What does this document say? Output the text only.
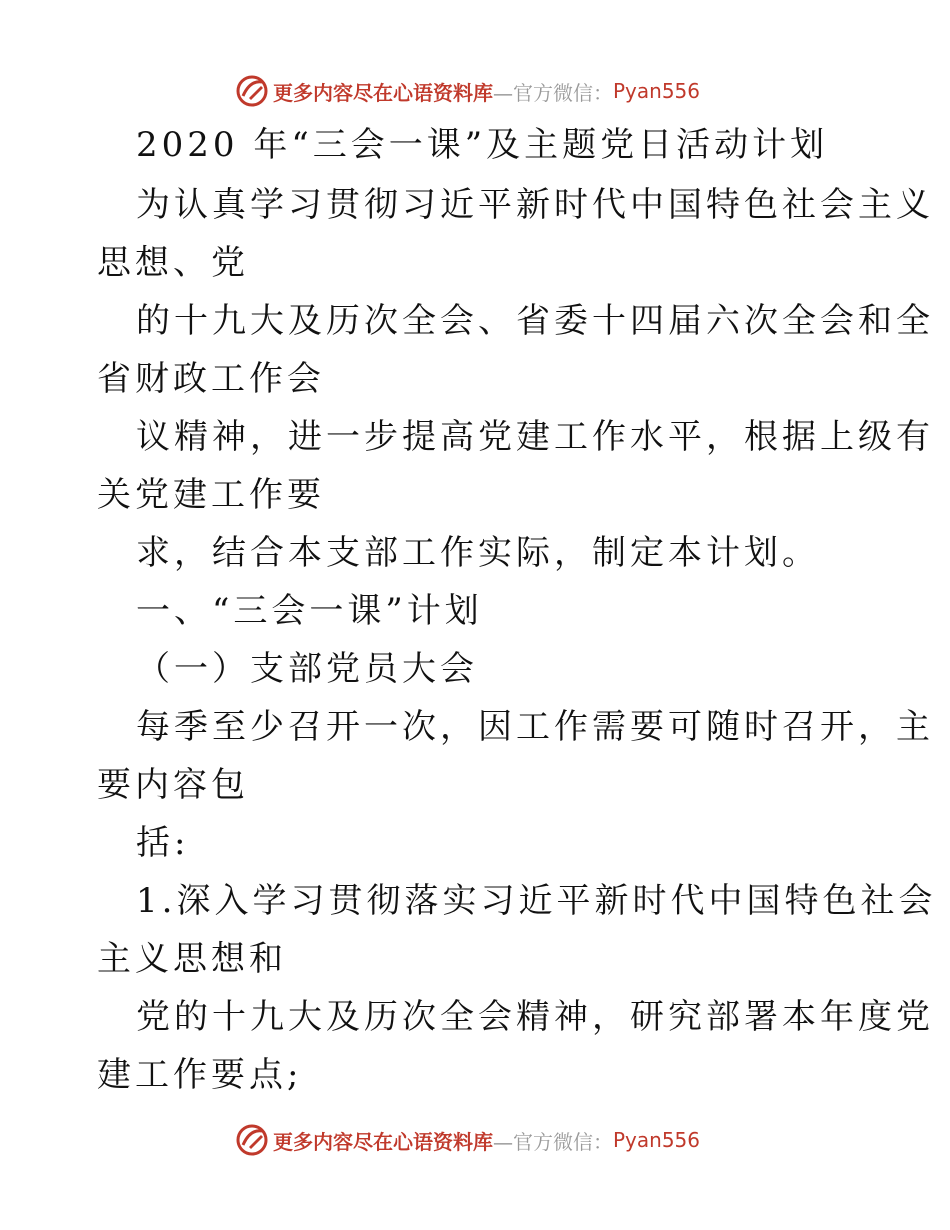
更多内容尽在心语资料库—官方微信： Pyan556
2020 年“三会一课”及主题党日活动计划
为认真学习贯彻习近平新时代中国特色社会主义
思想、党
的十九大及历次全会、省委十四届六次全会和全
省财政工作会
议精神，进一步提高党建工作水平，根据上级有
关党建工作要
求，结合本支部工作实际，制定本计划。
一、“三会一课”计划
（一）支部党员大会
每季至少召开一次，因工作需要可随时召开，主
要内容包
括:
1.深入学习贯彻落实习近平新时代中国特色社会
主义思想和
党的十九大及历次全会精神，研究部署本年度党
建工作要点;
更多内容尽在心语资料库—官方微信： Pyan556
